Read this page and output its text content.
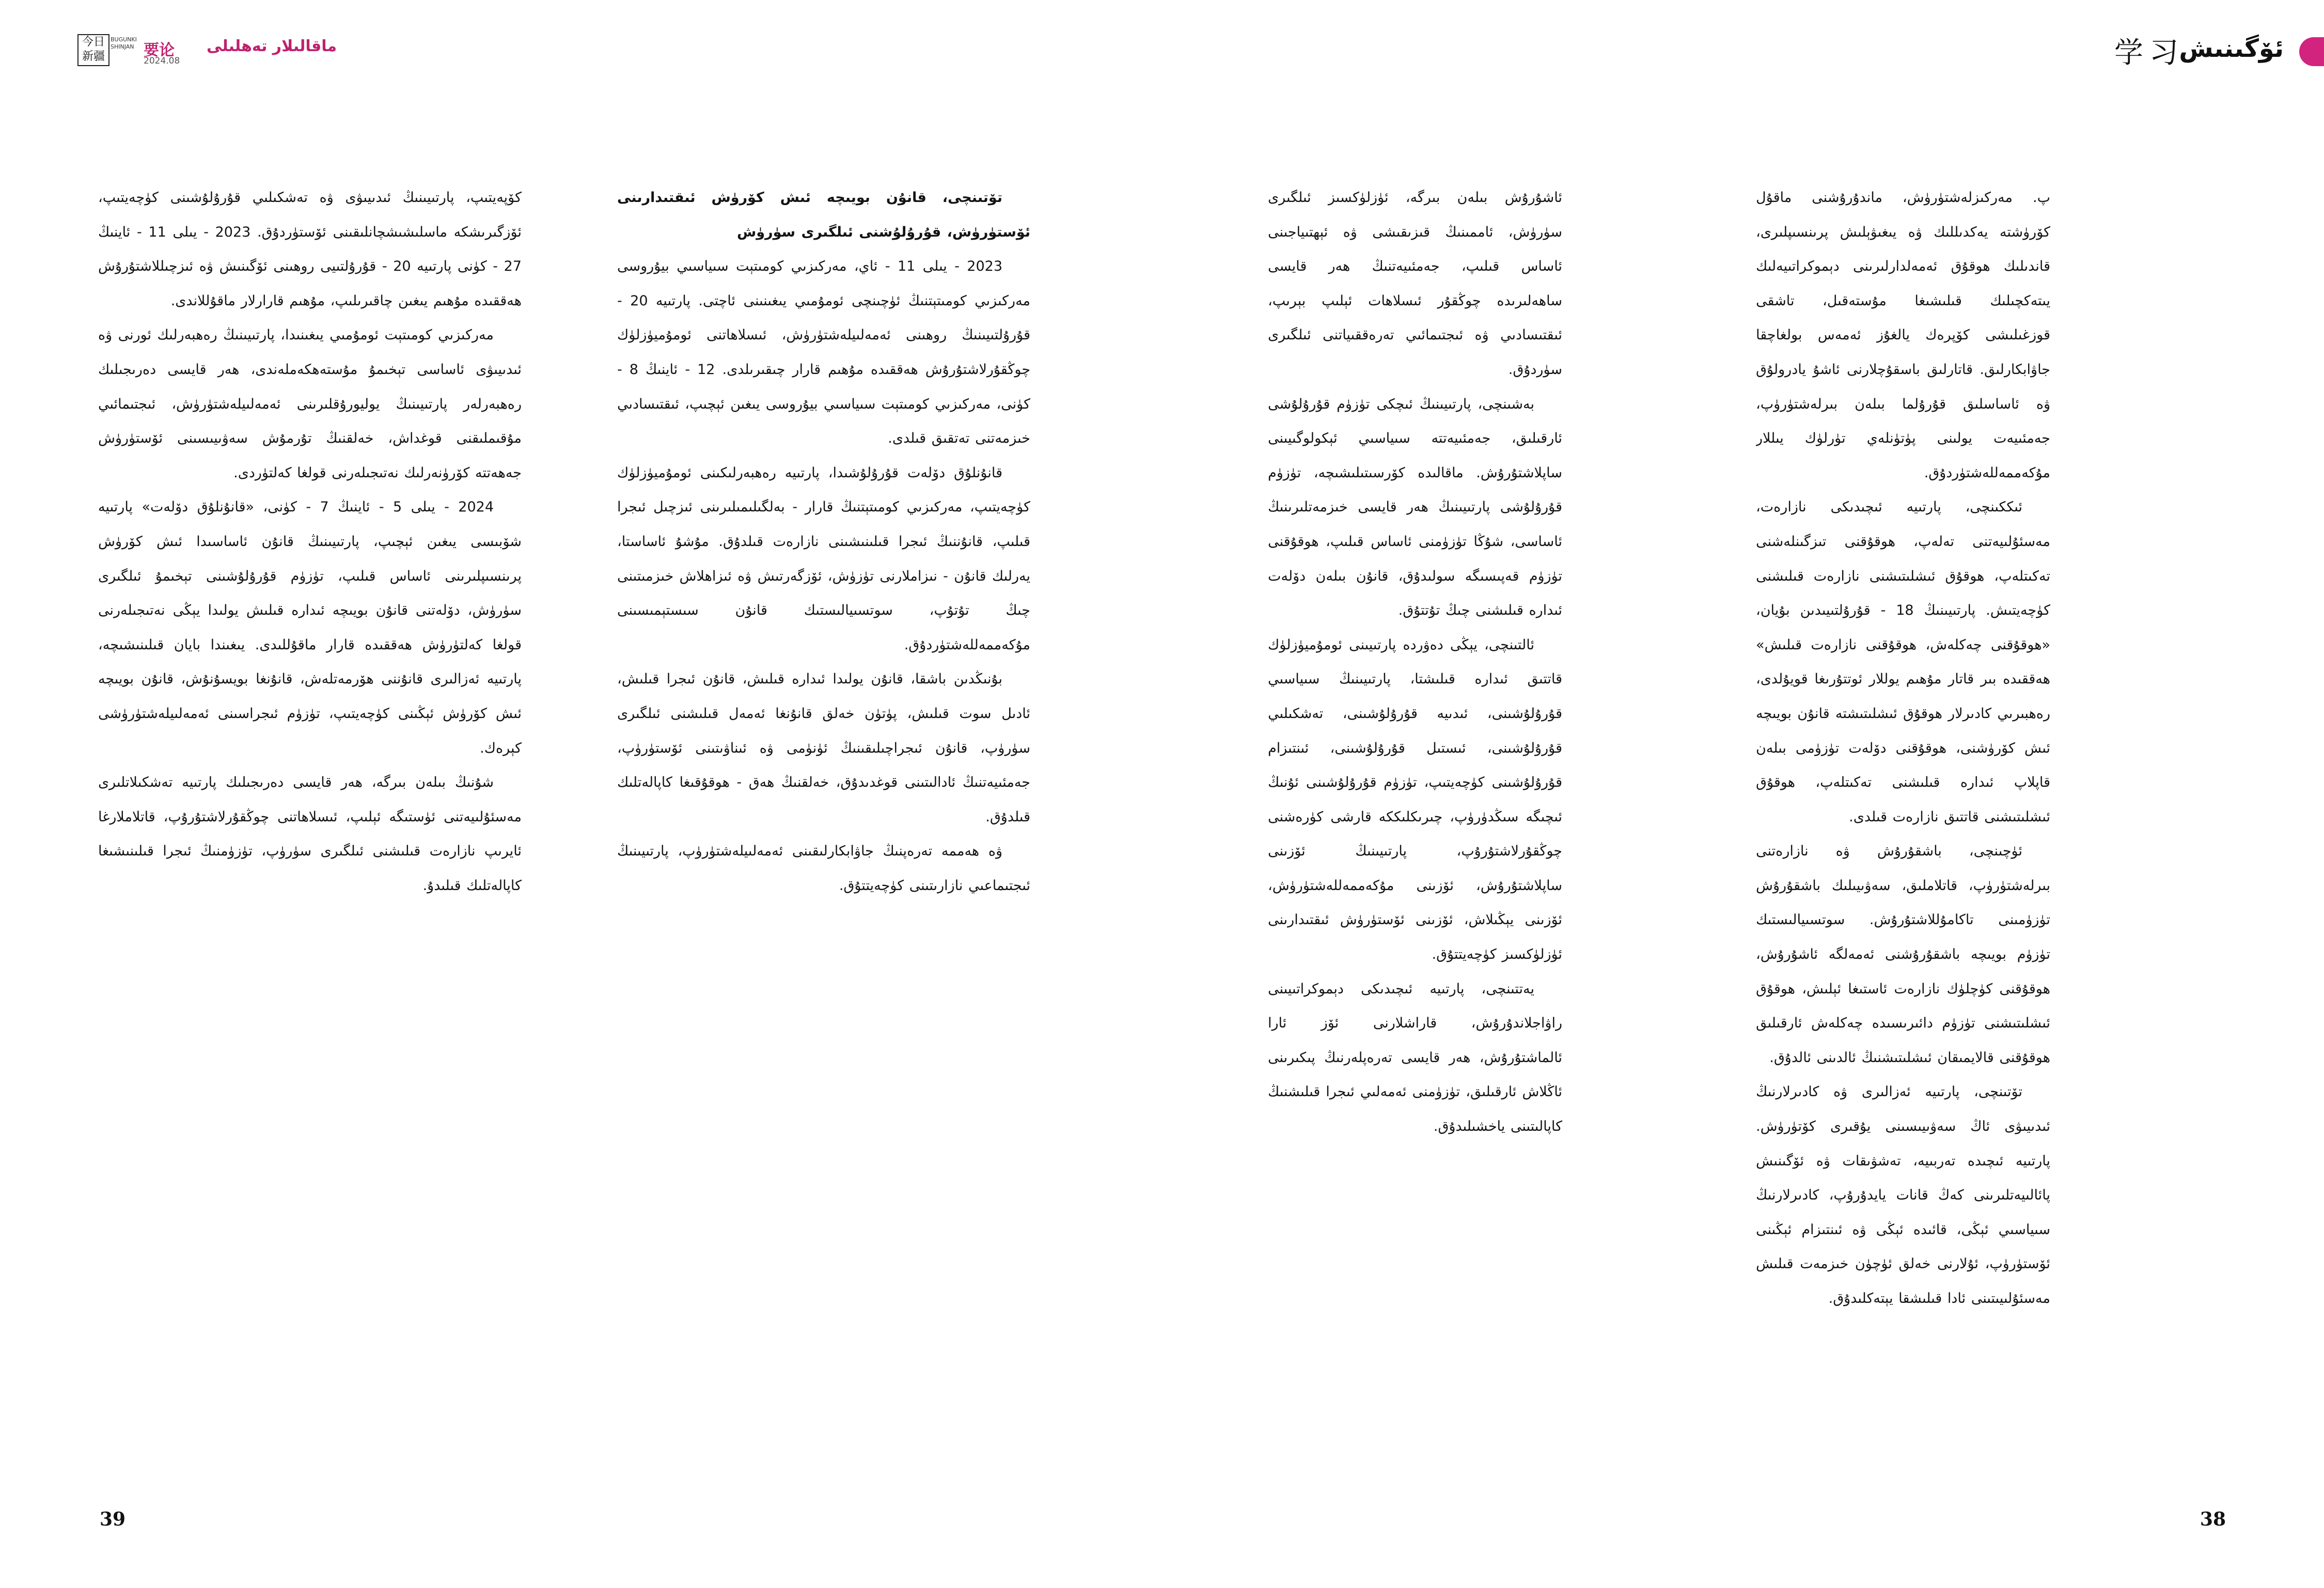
今日 新疆
BUGUNKI SHINJAN 要论
2024.08
ماقالىلار تەھلىلى	学习
ئۆگىنىش

پ. مەركىزلەشتۈرۈش، ماندۇرۇشنى ماقۇل كۆرۈشتە يەكدىللىك ۋە يىغىۋېلىش پرىنسىپلىرى، قاندىلىك ھوقۇق ئەمەلدارلىرىنى دېموكراتىيەلىك يىتەكچىلىك قىلىشىغا مۇستەقىل، تاشقى قوزغىلىشى كۆپرەك يالغۇز ئەمەس بولغاچقا جاۋابكارلىق. قاتارلىق باسقۇچلارنى ئاشۇ يادرولۇق ۋە ئاساسلىق قۇرۇلما بىلەن بىرلەشتۈرۈپ، جەمئىيەت يولىنى پۈتۈنلەي تۈرلۈك يىللار مۇكەممەللەشتۈردۇق.

ئىككىنچى، پارتىيە ئىچىدىكى نازارەت، مەسئۇلىيەتنى تەلەپ، ھوقۇقنى تىزگىنلەشنى تەكىتلەپ، ھوقۇق ئىشلىتىشنى نازارەت قىلىشنى كۈچەيتىش. پارتىيىنىڭ 18 - قۇرۇلتىيىدىن بۇيان، «ھوقۇقنى چەكلەش، ھوقۇقنى نازارەت قىلىش» ھەققىدە بىر قاتار مۇھىم يوللار ئوتتۇرىغا قويۇلدى، رەھبىرىي كادىرلار ھوقۇق ئىشلىتىشتە قانۇن بويىچە ئىش كۆرۈشنى، ھوقۇقنى دۆلەت تۈزۈمى بىلەن قاپلاپ ئىدارە قىلىشنى تەكىتلەپ، ھوقۇق ئىشلىتىشنى قاتتىق نازارەت قىلدى.

ئۈچىنچى، باشقۇرۇش ۋە نازارەتنى بىرلەشتۈرۈپ، قاتلاملىق، سەۋىيىلىك باشقۇرۇش تۈزۈمىنى تاكامۇللاشتۇرۇش. سوتسىيالىستىك تۈزۈم بويىچە باشقۇرۇشنى ئەمەلگە ئاشۇرۇش، ھوقۇقنى كۈچلۈك نازارەت ئاستىغا ئېلىش، ھوقۇق ئىشلىتىشنى تۈزۈم دائىرىسىدە چەكلەش ئارقىلىق ھوقۇقنى قالايمىقان ئىشلىتىشنىڭ ئالدىنى ئالدۇق.

تۆتىنچى، پارتىيە ئەزالىرى ۋە كادىرلارنىڭ ئىدىيىۋى ئاڭ سەۋىيىسىنى يۇقىرى كۆتۈرۈش. پارتىيە ئىچىدە تەربىيە، تەشۋىقات ۋە ئۆگىنىش پائالىيەتلىرىنى كەڭ قانات يايدۇرۇپ، كادىرلارنىڭ سىياسىي ئېڭى، قائىدە ئېڭى ۋە ئىنتىزام ئېڭىنى ئۆستۈرۈپ، ئۇلارنى خەلق ئۈچۈن خىزمەت قىلىش مەسئۇلىيىتىنى ئادا قىلىشقا يېتەكلىدۇق.

ئاشۇرۇش بىلەن بىرگە، ئۈزلۈكسىز ئىلگىرى سۈرۈش، ئاممىنىڭ قىزىقىشى ۋە ئېھتىياجىنى ئاساس قىلىپ، جەمئىيەتنىڭ ھەر قايسى ساھەلىرىدە چوڭقۇر ئىسلاھات ئېلىپ بېرىپ، ئىقتىسادىي ۋە ئىجتىمائىي تەرەققىياتنى ئىلگىرى سۈردۇق.

بەشىنچى، پارتىيىنىڭ ئىچكى تۈزۈم قۇرۇلۇشى ئارقىلىق، جەمئىيەتتە سىياسىي ئېكولوگىيىنى ساپلاشتۇرۇش. ماقالىدە كۆرسىتىلىشىچە، تۈزۈم قۇرۇلۇشى پارتىيىنىڭ ھەر قايسى خىزمەتلىرىنىڭ ئاساسى، شۇڭا تۈزۈمنى ئاساس قىلىپ، ھوقۇقنى تۈزۈم قەپىسىگە سولىدۇق، قانۇن بىلەن دۆلەت ئىدارە قىلىشنى چىڭ تۇتتۇق.

ئالتىنچى، يېڭى دەۋردە پارتىيىنى ئومۇميۈزلۈك قاتتىق ئىدارە قىلىشتا، پارتىيىنىڭ سىياسىي قۇرۇلۇشىنى، ئىدىيە قۇرۇلۇشىنى، تەشكىلىي قۇرۇلۇشىنى، ئىستىل قۇرۇلۇشىنى، ئىنتىزام قۇرۇلۇشىنى كۈچەيتىپ، تۈزۈم قۇرۇلۇشىنى ئۇنىڭ ئىچىگە سىڭدۈرۈپ، چىرىكلىككە قارشى كۈرەشنى چوڭقۇرلاشتۇرۇپ، پارتىيىنىڭ ئۆزىنى ساپلاشتۇرۇش، ئۆزىنى مۇكەممەللەشتۈرۈش، ئۆزىنى يېڭىلاش، ئۆزىنى ئۆستۈرۈش ئىقتىدارىنى ئۈزلۈكسىز كۈچەيتتۇق.

يەتتىنچى، پارتىيە ئىچىدىكى دېموكراتىيىنى راۋاجلاندۇرۇش، قاراشلارنى ئۆز ئارا ئالماشتۇرۇش، ھەر قايسى تەرەپلەرنىڭ پىكىرىنى ئاڭلاش ئارقىلىق، تۈزۈمنى ئەمەلىي ئىجرا قىلىشنىڭ كاپالىتىنى ياخشىلىدۇق.

تۆتىنچى، قانۇن بويىچە ئىش كۆرۈش ئىقتىدارىنى ئۆستۈرۈش، قۇرۇلۇشنى ئىلگىرى سۈرۈش

2023 - يىلى 11 - ئاي، مەركىزىي كومىتېت سىياسىي بيۇروسى مەركىزىي كومىتېتنىڭ ئۈچىنچى ئومۇمىي يىغىنىنى ئاچتى. پارتىيە 20 - قۇرۇلتىيىنىڭ روھىنى ئەمەلىيلەشتۈرۈش، ئىسلاھاتنى ئومۇميۈزلۈك چوڭقۇرلاشتۇرۇش ھەققىدە مۇھىم قارار چىقىرىلدى. 12 - ئاينىڭ 8 - كۈنى، مەركىزىي كومىتېت سىياسىي بيۇروسى يىغىن ئېچىپ، ئىقتىسادىي خىزمەتنى تەتقىق قىلدى.

قانۇنلۇق دۆلەت قۇرۇلۇشىدا، پارتىيە رەھبەرلىكىنى ئومۇميۈزلۈك كۈچەيتىپ، مەركىزىي كومىتېتنىڭ قارار - بەلگىلىمىلىرىنى ئىزچىل ئىجرا قىلىپ، قانۇننىڭ ئىجرا قىلىنىشىنى نازارەت قىلدۇق. مۇشۇ ئاساستا، يەرلىك قانۇن - نىزاملارنى تۈزۈش، ئۆزگەرتىش ۋە ئىزاھلاش خىزمىتىنى چىڭ تۇتۇپ، سوتسىيالىستىك قانۇن سىستېمىسىنى مۇكەممەللەشتۈردۇق.

بۇنىڭدىن باشقا، قانۇن يولىدا ئىدارە قىلىش، قانۇن ئىجرا قىلىش، ئادىل سوت قىلىش، پۈتۈن خەلق قانۇنغا ئەمەل قىلىشنى ئىلگىرى سۈرۈپ، قانۇن ئىجراچىلىقىنىڭ ئۈنۈمى ۋە ئىناۋىتىنى ئۆستۈرۈپ، جەمئىيەتنىڭ ئادالىتىنى قوغدىدۇق، خەلقنىڭ ھەق - ھوقۇقىغا كاپالەتلىك قىلدۇق.

ۋە ھەممە تەرەپنىڭ جاۋابكارلىقىنى ئەمەلىيلەشتۈرۈپ، پارتىيىنىڭ ئىجتىماعىي نازارىتىنى كۈچەيتتۇق.

كۆپەيتىپ، پارتىيىنىڭ ئىدىيىۋى ۋە تەشكىلىي قۇرۇلۇشىنى كۈچەيتىپ، ئۆزگىرىشكە ماسلىشىشچانلىقىنى ئۆستۈردۇق. 2023 - يىلى 11 - ئاينىڭ 27 - كۈنى پارتىيە 20 - قۇرۇلتىيى روھىنى ئۆگىنىش ۋە ئىزچىللاشتۇرۇش ھەققىدە مۇھىم يىغىن چاقىرىلىپ، مۇھىم قارارلار ماقۇللاندى.

مەركىزىي كومىتېت ئومۇمىي يىغىنىدا، پارتىيىنىڭ رەھبەرلىك ئورنى ۋە ئىدىيىۋى ئاساسى تېخىمۇ مۇستەھكەملەندى، ھەر قايسى دەرىجىلىك رەھبەرلەر پارتىيىنىڭ يوليورۇقلىرىنى ئەمەلىيلەشتۈرۈش، ئىجتىمائىي مۇقىملىقنى قوغداش، خەلقنىڭ تۇرمۇش سەۋىيىسىنى ئۆستۈرۈش جەھەتتە كۆرۈنەرلىك نەتىجىلەرنى قولغا كەلتۈردى.

2024 - يىلى 5 - ئاينىڭ 7 - كۈنى، «قانۇنلۇق دۆلەت» پارتىيە شۆبىسى يىغىن ئېچىپ، پارتىيىنىڭ قانۇن ئاساسىدا ئىش كۆرۈش پرىنسىپلىرىنى ئاساس قىلىپ، تۈزۈم قۇرۇلۇشىنى تېخىمۇ ئىلگىرى سۈرۈش، دۆلەتنى قانۇن بويىچە ئىدارە قىلىش يولىدا يېڭى نەتىجىلەرنى قولغا كەلتۈرۈش ھەققىدە قارار ماقۇللىدى. يىغىندا بايان قىلىنىشىچە، پارتىيە ئەزالىرى قانۇننى ھۆرمەتلەش، قانۇنغا بويسۇنۇش، قانۇن بويىچە ئىش كۆرۈش ئېڭىنى كۈچەيتىپ، تۈزۈم ئىجراسىنى ئەمەلىيلەشتۈرۈشى كېرەك.

شۇنىڭ بىلەن بىرگە، ھەر قايسى دەرىجىلىك پارتىيە تەشكىلاتلىرى مەسئۇلىيەتنى ئۈستىگە ئېلىپ، ئىسلاھاتنى چوڭقۇرلاشتۇرۇپ، قاتلاملارغا ئايرىپ نازارەت قىلىشنى ئىلگىرى سۈرۈپ، تۈزۈمنىڭ ئىجرا قىلىنىشىغا كاپالەتلىك قىلىدۇ.

39	38
